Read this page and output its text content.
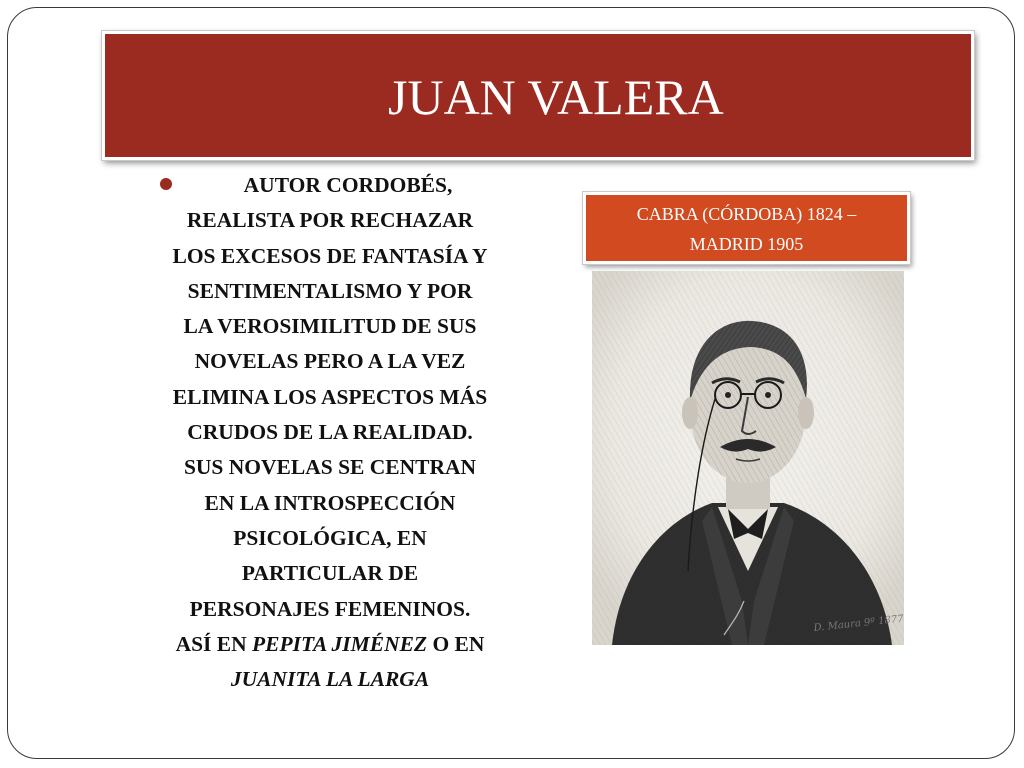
JUAN VALERA

AUTOR CORDOBÉS,
REALISTA POR RECHAZAR
LOS EXCESOS DE FANTASÍA Y
SENTIMENTALISMO Y POR
LA VEROSIMILITUD DE SUS
NOVELAS PERO A LA VEZ
ELIMINA LOS ASPECTOS MÁS
CRUDOS DE LA REALIDAD.
SUS NOVELAS SE CENTRAN
EN LA INTROSPECCIÓN
PSICOLÓGICA, EN
PARTICULAR DE
PERSONAJES FEMENINOS.
ASÍ EN PEPITA JIMÉNEZ O EN
JUANITA LA LARGA

CABRA (CÓRDOBA) 1824 –
MADRID 1905
D. Maura 9º 1877
